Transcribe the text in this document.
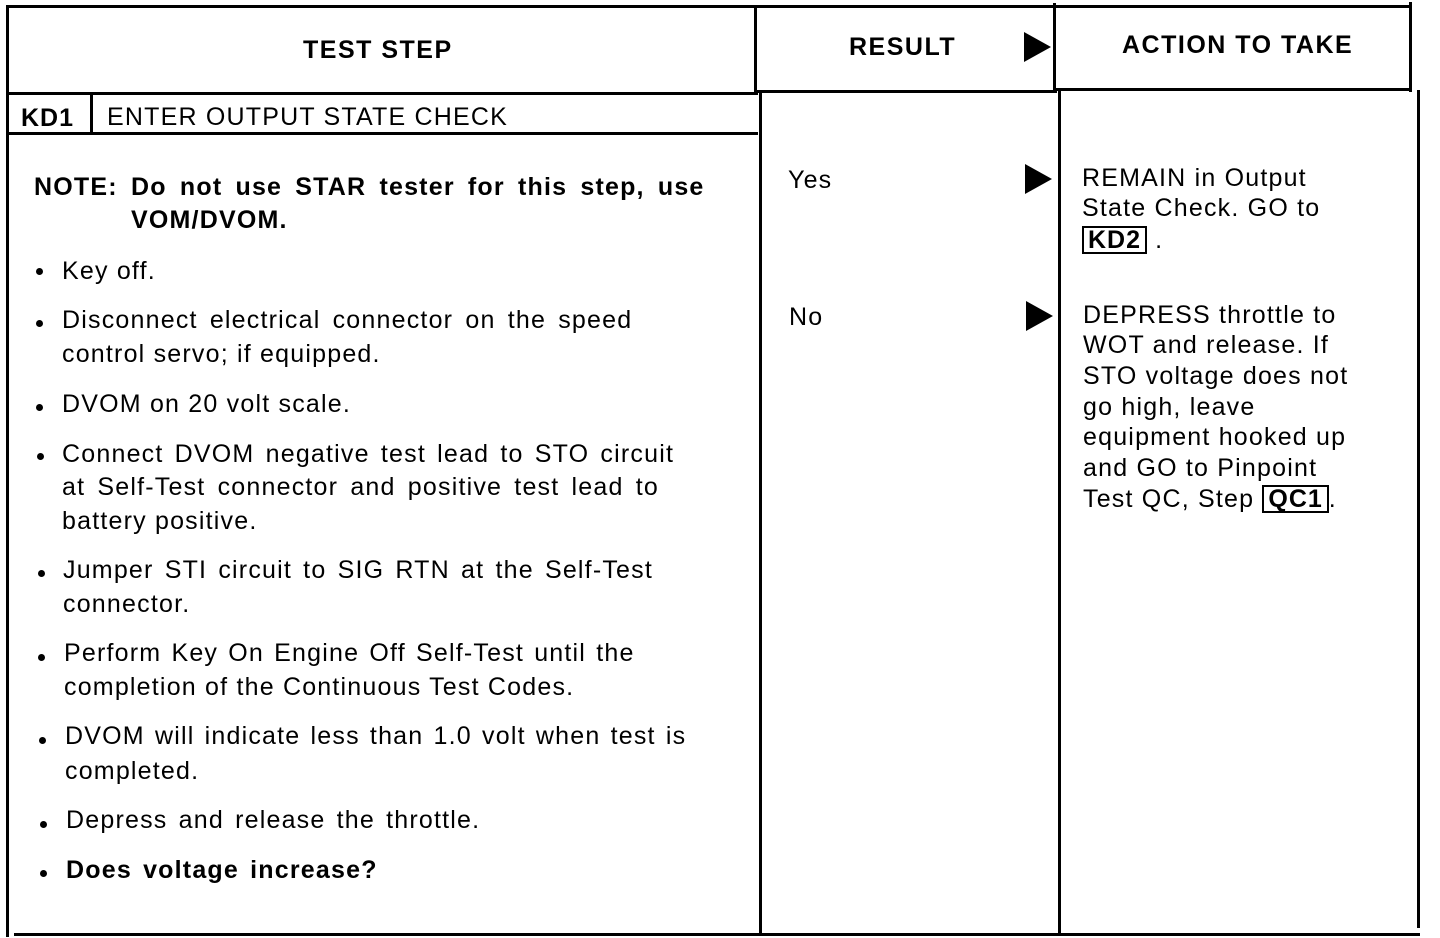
TEST STEP	RESULT	ACTION TO TAKE
KD1 ENTER OUTPUT STATE CHECK
NOTE: Do not use STAR tester for this step, use
VOM/DVOM.
Key off.
Disconnect electrical connector on the speed
control servo; if equipped.
DVOM on 20 volt scale.
Connect DVOM negative test lead to STO circuit
at Self-Test connector and positive test lead to
battery positive.
Jumper STI circuit to SIG RTN at the Self-Test
connector.
Perform Key On Engine Off Self-Test until the
completion of the Continuous Test Codes.
DVOM will indicate less than 1.0 volt when test is
completed.
Depress and release the throttle.
Does voltage increase?
Yes
No
REMAIN in Output
State Check. GO to
KD2 .
DEPRESS throttle to
WOT and release. If
STO voltage does not
go high, leave
equipment hooked up
and GO to Pinpoint
Test QC, Step QC1 .
